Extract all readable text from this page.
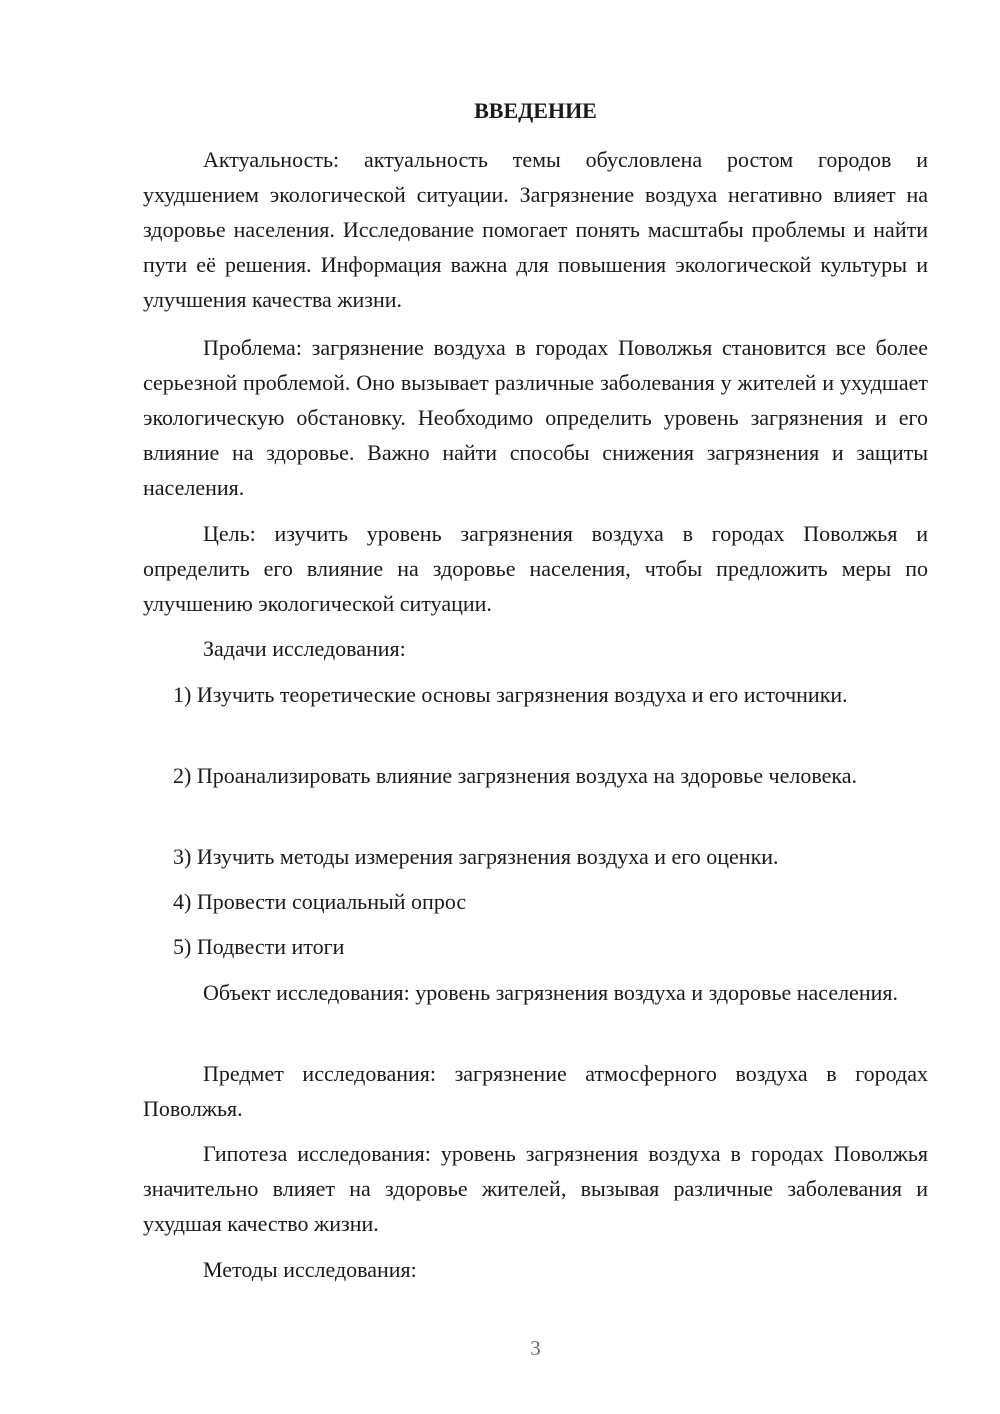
ВВЕДЕНИЕ

Актуальность: актуальность темы обусловлена ростом городов и ухудшением экологической ситуации. Загрязнение воздуха негативно влияет на здоровье населения. Исследование помогает понять масштабы проблемы и найти пути её решения. Информация важна для повышения экологической культуры и улучшения качества жизни.

Проблема: загрязнение воздуха в городах Поволжья становится все более серьезной проблемой. Оно вызывает различные заболевания у жителей и ухудшает экологическую обстановку. Необходимо определить уровень загрязнения и его влияние на здоровье. Важно найти способы снижения загрязнения и защиты населения.

Цель: изучить уровень загрязнения воздуха в городах Поволжья и определить его влияние на здоровье населения, чтобы предложить меры по улучшению экологической ситуации.

Задачи исследования:

1) Изучить теоретические основы загрязнения воздуха и его источники.

2) Проанализировать влияние загрязнения воздуха на здоровье человека.

3) Изучить методы измерения загрязнения воздуха и его оценки.

4) Провести социальный опрос

5) Подвести итоги

Объект исследования: уровень загрязнения воздуха и здоровье населения.

Предмет исследования: загрязнение атмосферного воздуха в городах Поволжья.

Гипотеза исследования: уровень загрязнения воздуха в городах Поволжья значительно влияет на здоровье жителей, вызывая различные заболевания и ухудшая качество жизни.

Методы исследования:

3
